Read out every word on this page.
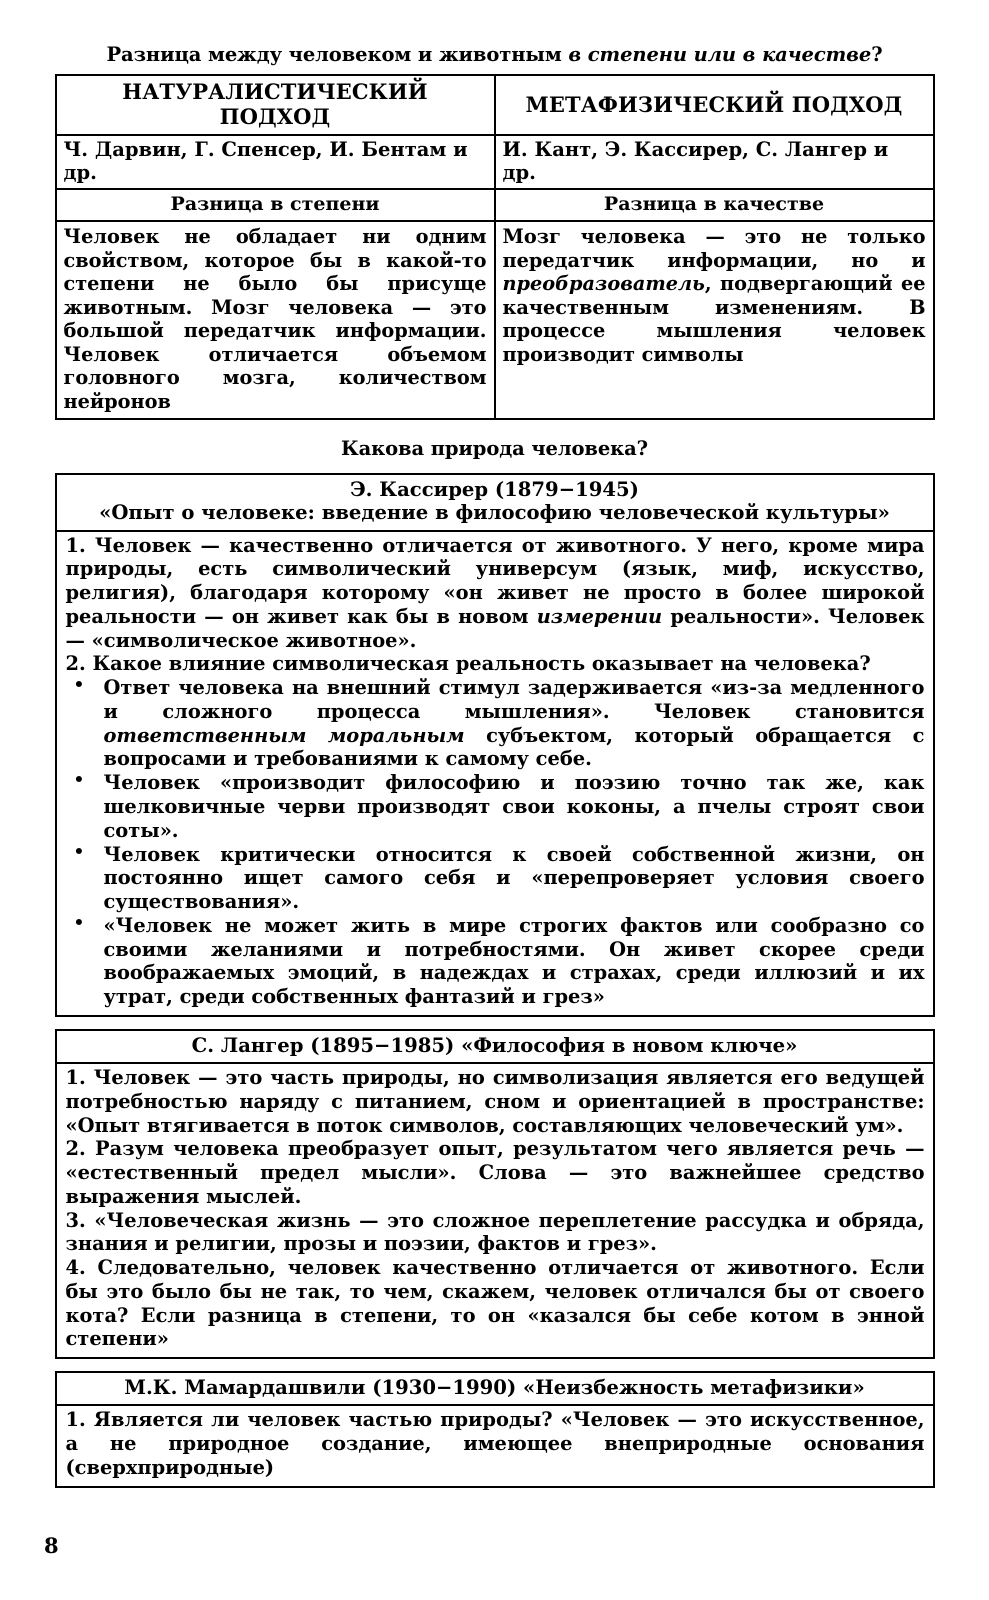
Разница между человеком и животным в степени или в качестве?
НАТУРАЛИСТИЧЕСКИЙ ПОДХОД	МЕТАФИЗИЧЕСКИЙ ПОДХОД
Ч. Дарвин, Г. Спенсер, И. Бентам и др.	И. Кант, Э. Кассирер, С. Лангер и др.
Разница в степени	Разница в качестве
Человек не обладает ни одним свойством, которое бы в какой-то степени не было бы присуще животным. Мозг человека — это большой передатчик информации. Человек отличается объемом головного мозга, количеством нейронов	Мозг человека — это не только передатчик информации, но и преобразователь, подвергающий ее качественным изменениям. В процессе мышления человек производит символы
Какова природа человека?
Э. Кассирер (1879−1945)
«Опыт о человеке: введение в философию человеческой культуры»

1. Человек — качественно отличается от животного. У него, кроме мира природы, есть символический универсум (язык, миф, искусство, религия), благодаря которому «он живет не просто в более широкой реальности — он живет как бы в новом измерении реальности». Человек — «символическое животное».

2. Какое влияние символическая реальность оказывает на человека?

• Ответ человека на внешний стимул задерживается «из-за медленного и сложного процесса мышления». Человек становится ответственным моральным субъектом, который обращается с вопросами и требованиями к самому себе.
• Человек «производит философию и поэзию точно так же, как шелковичные черви производят свои коконы, а пчелы строят свои соты».
• Человек критически относится к своей собственной жизни, он постоянно ищет самого себя и «перепроверяет условия своего существования».
• «Человек не может жить в мире строгих фактов или сообразно со своими желаниями и потребностями. Он живет скорее среди воображаемых эмоций, в надеждах и страхах, среди иллюзий и их утрат, среди собственных фантазий и грез»
С. Лангер (1895−1985) «Философия в новом ключе»

1. Человек — это часть природы, но символизация является его ведущей потребностью наряду с питанием, сном и ориентацией в пространстве: «Опыт втягивается в поток символов, составляющих человеческий ум».

2. Разум человека преобразует опыт, результатом чего является речь — «естественный предел мысли». Слова — это важнейшее средство выражения мыслей.

3. «Человеческая жизнь — это сложное переплетение рассудка и обряда, знания и религии, прозы и поэзии, фактов и грез».

4. Следовательно, человек качественно отличается от животного. Если бы это было бы не так, то чем, скажем, человек отличался бы от своего кота? Если разница в степени, то он «казался бы себе котом в энной степени»

М.К. Мамардашвили (1930−1990) «Неизбежность метафизики»

1. Является ли человек частью природы? «Человек — это искусственное, а не природное создание, имеющее внеприродные основания (сверхприродные)

8
